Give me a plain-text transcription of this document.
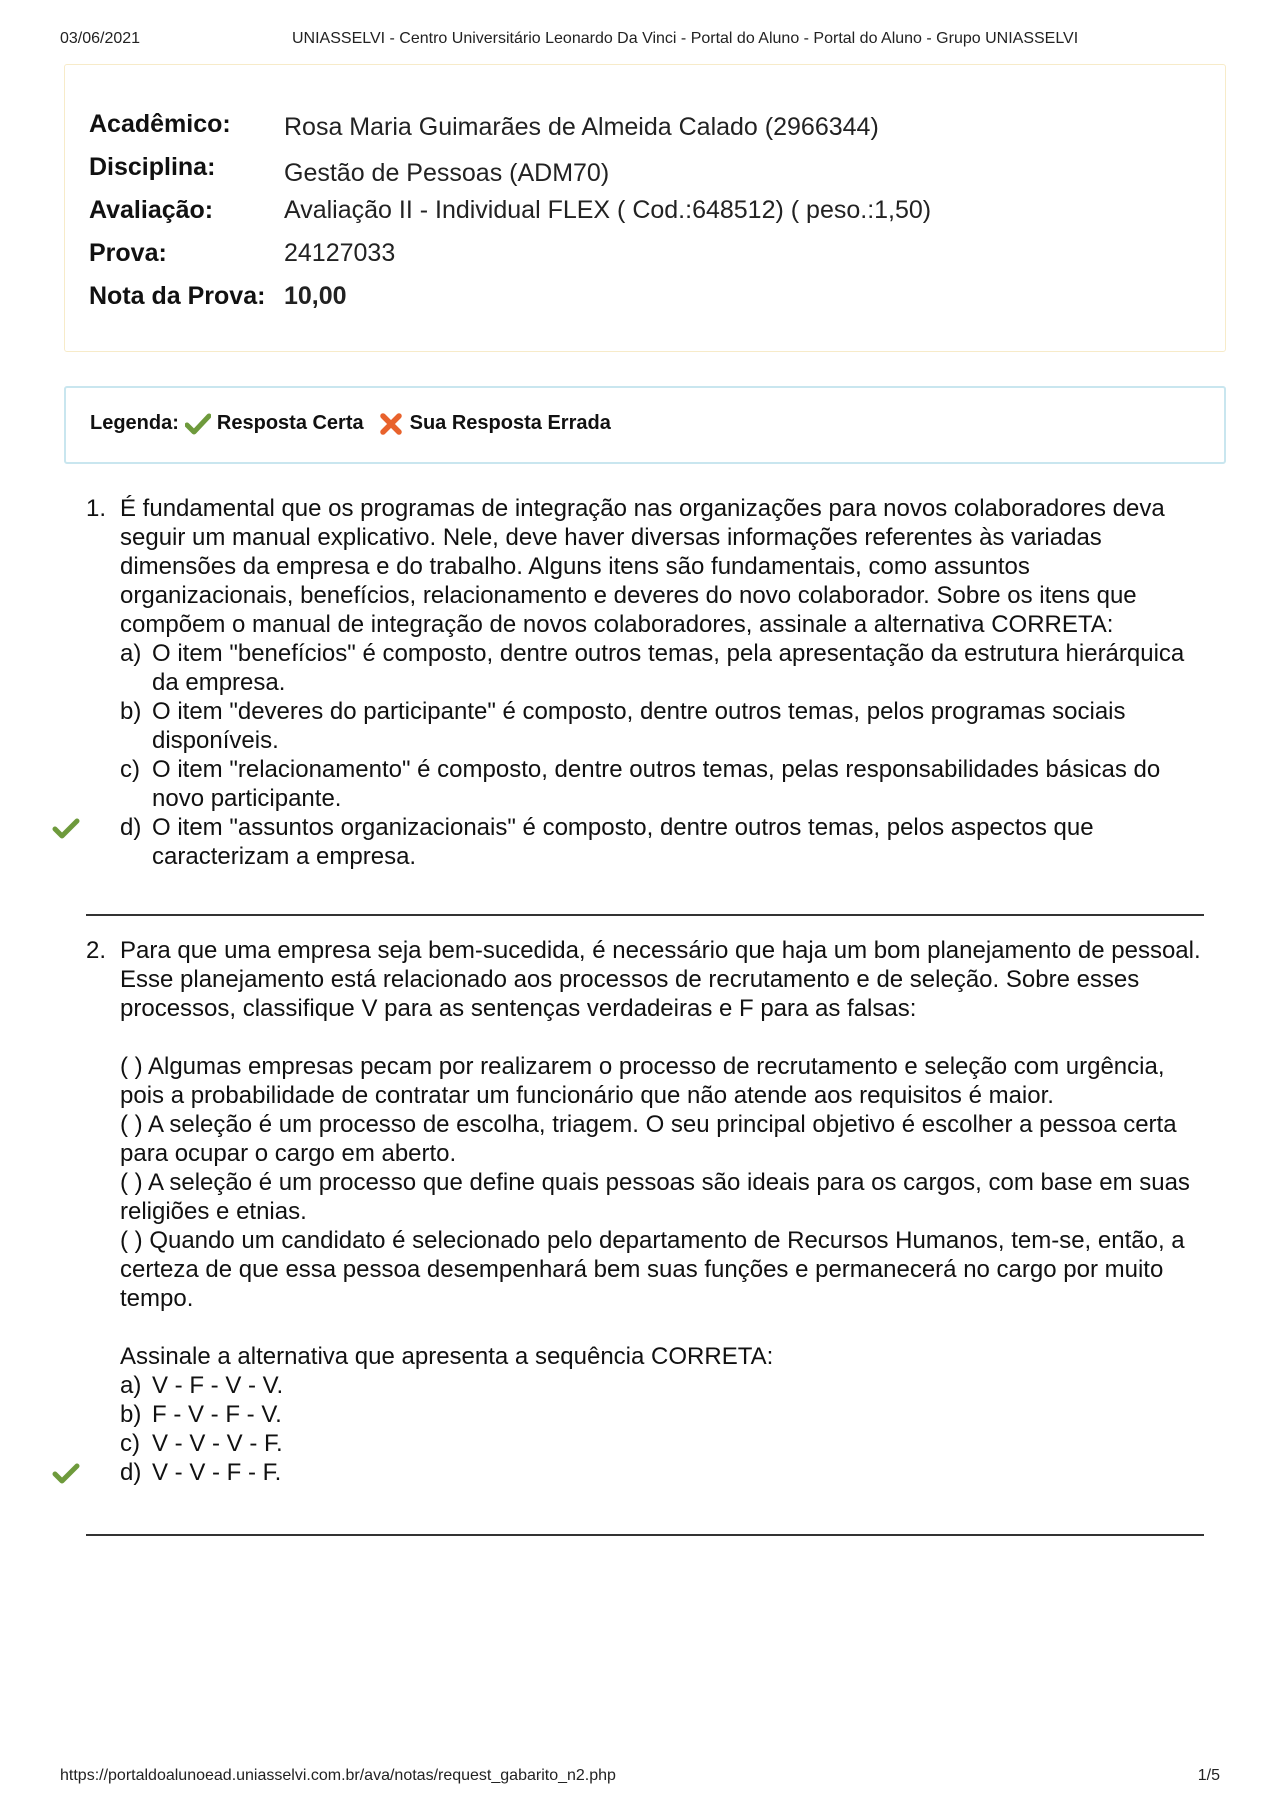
03/06/2021	UNIASSELVI - Centro Universitário Leonardo Da Vinci - Portal do Aluno - Portal do Aluno - Grupo UNIASSELVI
Acadêmico: Rosa Maria Guimarães de Almeida Calado (2966344)
Disciplina:	Gestão de Pessoas (ADM70)
Avaliação:	Avaliação II - Individual FLEX ( Cod.:648512) ( peso.:1,50)
Prova:	24127033
Nota da Prova: 10,00
Legenda: Resposta Certa Sua Resposta Errada
1. É fundamental que os programas de integração nas organizações para novos colaboradores deva seguir um manual explicativo. Nele, deve haver diversas informações referentes às variadas dimensões da empresa e do trabalho. Alguns itens são fundamentais, como assuntos organizacionais, benefícios, relacionamento e deveres do novo colaborador. Sobre os itens que compõem o manual de integração de novos colaboradores, assinale a alternativa CORRETA:

a) O item "benefícios" é composto, dentre outros temas, pela apresentação da estrutura hierárquica da empresa.
b) O item "deveres do participante" é composto, dentre outros temas, pelos programas sociais disponíveis.
c) O item "relacionamento" é composto, dentre outros temas, pelas responsabilidades básicas do novo participante.
d) O item "assuntos organizacionais" é composto, dentre outros temas, pelos aspectos que caracterizam a empresa.
2. Para que uma empresa seja bem-sucedida, é necessário que haja um bom planejamento de pessoal. Esse planejamento está relacionado aos processos de recrutamento e de seleção. Sobre esses processos, classifique V para as sentenças verdadeiras e F para as falsas:

( ) Algumas empresas pecam por realizarem o processo de recrutamento e seleção com urgência, pois a probabilidade de contratar um funcionário que não atende aos requisitos é maior.

( ) A seleção é um processo de escolha, triagem. O seu principal objetivo é escolher a pessoa certa para ocupar o cargo em aberto.

( ) A seleção é um processo que define quais pessoas são ideais para os cargos, com base em suas religiões e etnias.

( ) Quando um candidato é selecionado pelo departamento de Recursos Humanos, tem-se, então, a certeza de que essa pessoa desempenhará bem suas funções e permanecerá no cargo por muito tempo.

Assinale a alternativa que apresenta a sequência CORRETA:

a) V - F - V - V.
b) F - V - F - V.
c) V - V - V - F.
d) V - V - F - F.
https://portaldoalunoead.uniasselvi.com.br/ava/notas/request_gabarito_n2.php	1/5
